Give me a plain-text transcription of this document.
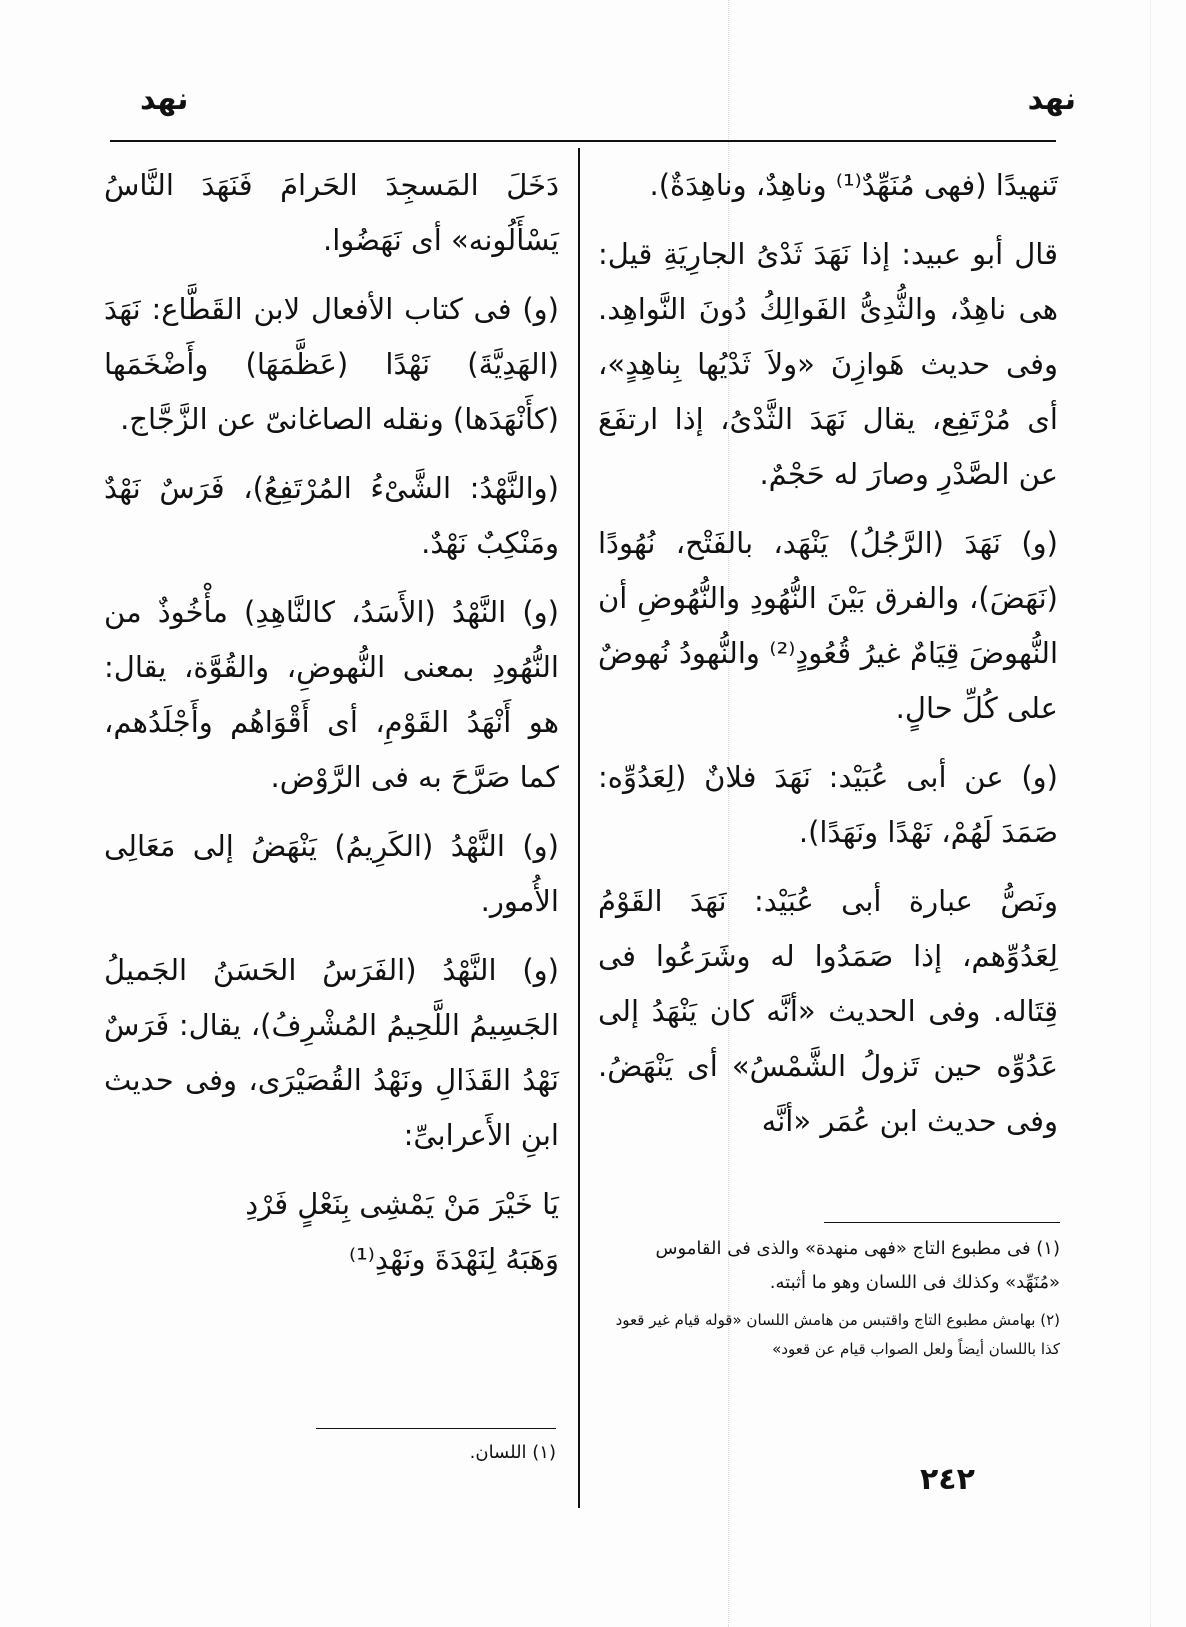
نهد
نهد

تَنهيدًا (فهى مُنَهِّدٌ⁽¹⁾ وناهِدٌ، وناهِدَةٌ).

قال أبو عبيد: إذا نَهَدَ ثَدْىُ الجارِيَةِ قيل: هى ناهِدٌ، والثُّدِىُّ الفَوالِكُ دُونَ النَّواهِد. وفى حديث هَوازِنَ «ولاَ ثَدْيُها بِناهِدٍ»، أى مُرْتَفِع، يقال نَهَدَ الثَّدْىُ، إذا ارتفَعَ عن الصَّدْرِ وصارَ له حَجْمٌ.

(و) نَهَدَ (الرَّجُلُ) يَنْهَد، بالفَتْح، نُهُودًا (نَهَضَ)، والفرق بَيْنَ النُّهُودِ والنُّهُوضِ أن النُّهوضَ قِيَامٌ غيرُ قُعُودٍ⁽²⁾ والنُّهودُ نُهوضٌ على كُلِّ حالٍ.

(و) عن أبى عُبَيْد: نَهَدَ فلانٌ (لِعَدُوِّه: صَمَدَ لَهُمْ، نَهْدًا ونَهَدًا).

ونَصُّ عبارة أبى عُبَيْد: نَهَدَ القَوْمُ لِعَدُوِّهم، إذا صَمَدُوا له وشَرَعُوا فى قِتَاله. وفى الحديث «أنَّه كان يَنْهَدُ إلى عَدُوِّه حين تَزولُ الشَّمْسُ» أى يَنْهَضُ. وفى حديث ابن عُمَر «أنَّه

دَخَلَ المَسجِدَ الحَرامَ فَنَهَدَ النَّاسُ يَسْأَلُونه» أى نَهَضُوا.

(و) فى كتاب الأفعال لابن القَطَّاع: نَهَدَ (الهَدِيَّةَ) نَهْدًا (عَظَّمَهَا) وأَضْخَمَها (كأَنْهَدَها) ونقله الصاغانىّ عن الزَّجَّاج.

(والنَّهْدُ: الشَّىْءُ المُرْتَفِعُ)، فَرَسٌ نَهْدٌ ومَنْكِبٌ نَهْدٌ.

(و) النَّهْدُ (الأَسَدُ، كالنَّاهِدِ) مأْخُوذٌ من النُّهُودِ بمعنى النُّهوضِ، والقُوَّة، يقال: هو أَنْهَدُ القَوْمِ، أى أَقْوَاهُم وأَجْلَدُهم، كما صَرَّحَ به فى الرَّوْض.

(و) النَّهْدُ (الكَرِيمُ) يَنْهَضُ إلى مَعَالِى الأُمور.

(و) النَّهْدُ (الفَرَسُ الحَسَنُ الجَميلُ الجَسِيمُ اللَّحِيمُ المُشْرِفُ)، يقال: فَرَسٌ نَهْدُ القَذَالِ ونَهْدُ القُصَيْرَى، وفى حديث ابنِ الأَعرابىِّ:

يَا خَيْرَ مَنْ يَمْشِى بِنَعْلٍ فَرْدِ

وَهَبَهُ لِنَهْدَةَ ونَهْدِ⁽¹⁾	(١) فى مطبوع التاج «فهى منهدة» والذى فى القاموس «مُنَهِّد» وكذلك فى اللسان وهو ما أثبته.

(٢) بهامش مطبوع التاج واقتبس من هامش اللسان «قوله قيام غير قعود كذا باللسان أيضاً ولعل الصواب قيام عن قعود»

(١) اللسان.

٢٤٢
